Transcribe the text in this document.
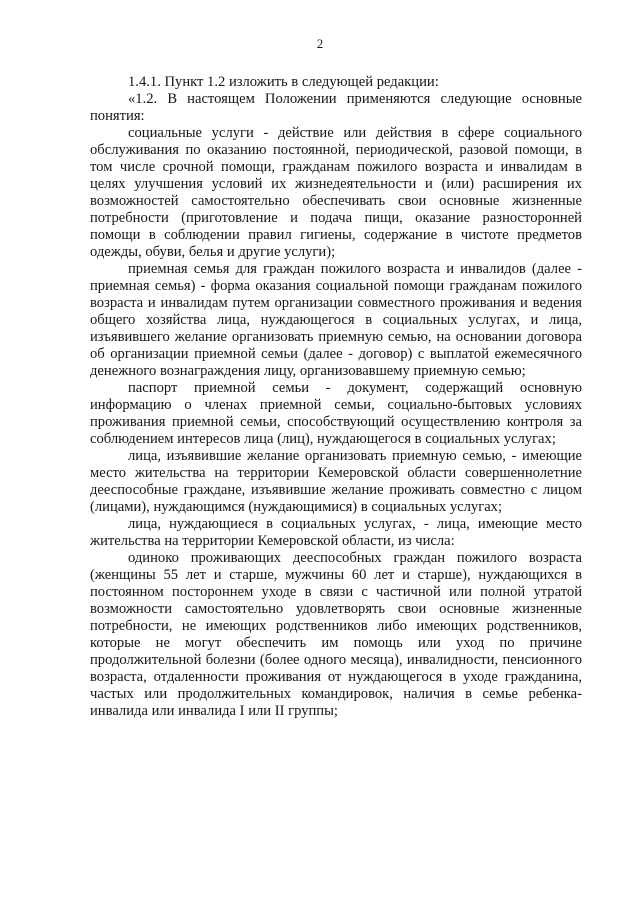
2

1.4.1. Пункт 1.2 изложить в следующей редакции:

«1.2. В настоящем Положении применяются следующие основные понятия:

социальные услуги - действие или действия в сфере социального обслуживания по оказанию постоянной, периодической, разовой помощи, в том числе срочной помощи, гражданам пожилого возраста и инвалидам в целях улучшения условий их жизнедеятельности и (или) расширения их возможностей самостоятельно обеспечивать свои основные жизненные потребности (приготовление и подача пищи, оказание разносторонней помощи в соблюдении правил гигиены, содержание в чистоте предметов одежды, обуви, белья и другие услуги);

приемная семья для граждан пожилого возраста и инвалидов (далее - приемная семья) - форма оказания социальной помощи гражданам пожилого возраста и инвалидам путем организации совместного проживания и ведения общего хозяйства лица, нуждающегося в социальных услугах, и лица, изъявившего желание организовать приемную семью, на основании договора об организации приемной семьи (далее - договор) с выплатой ежемесячного денежного вознаграждения лицу, организовавшему приемную семью;

паспорт приемной семьи - документ, содержащий основную информацию о членах приемной семьи, социально-бытовых условиях проживания приемной семьи, способствующий осуществлению контроля за соблюдением интересов лица (лиц), нуждающегося в социальных услугах;

лица, изъявившие желание организовать приемную семью, - имеющие место жительства на территории Кемеровской области совершеннолетние дееспособные граждане, изъявившие желание проживать совместно с лицом (лицами), нуждающимся (нуждающимися) в социальных услугах;

лица, нуждающиеся в социальных услугах, - лица, имеющие место жительства на территории Кемеровской области, из числа:

одиноко проживающих дееспособных граждан пожилого возраста (женщины 55 лет и старше, мужчины 60 лет и старше), нуждающихся в постоянном постороннем уходе в связи с частичной или полной утратой возможности самостоятельно удовлетворять свои основные жизненные потребности, не имеющих родственников либо имеющих родственников, которые не могут обеспечить им помощь или уход по причине продолжительной болезни (более одного месяца), инвалидности, пенсионного возраста, отдаленности проживания от нуждающегося в уходе гражданина, частых или продолжительных командировок, наличия в семье ребенка-инвалида или инвалида I или II группы;
